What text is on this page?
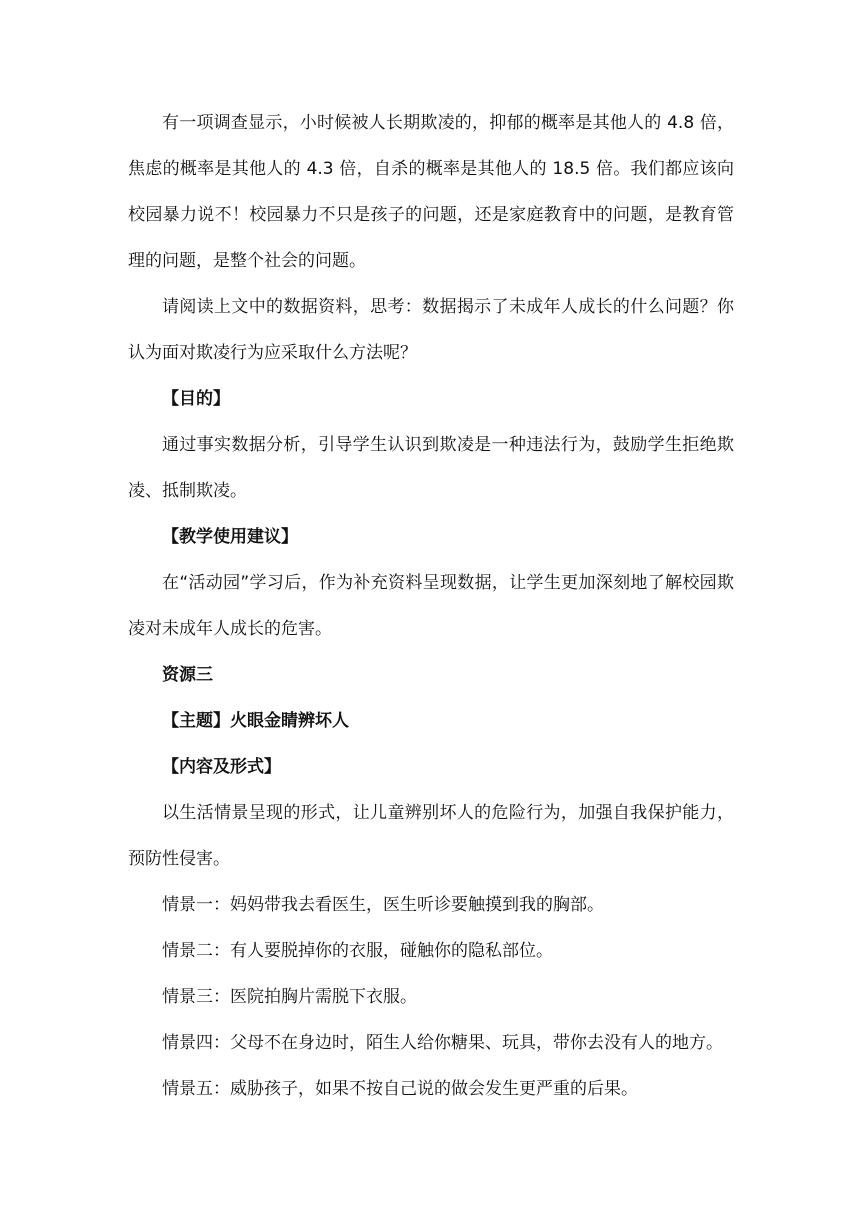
有一项调查显示，小时候被人长期欺凌的，抑郁的概率是其他人的 4.8 倍，焦虑的概率是其他人的 4.3 倍，自杀的概率是其他人的 18.5 倍。我们都应该向校园暴力说不！校园暴力不只是孩子的问题，还是家庭教育中的问题，是教育管理的问题，是整个社会的问题。

请阅读上文中的数据资料，思考：数据揭示了未成年人成长的什么问题？你认为面对欺凌行为应采取什么方法呢？

【目的】

通过事实数据分析，引导学生认识到欺凌是一种违法行为，鼓励学生拒绝欺凌、抵制欺凌。

【教学使用建议】

在“活动园”学习后，作为补充资料呈现数据，让学生更加深刻地了解校园欺凌对未成年人成长的危害。

资源三

【主题】火眼金睛辨坏人

【内容及形式】

以生活情景呈现的形式，让儿童辨别坏人的危险行为，加强自我保护能力，预防性侵害。

情景一：妈妈带我去看医生，医生听诊要触摸到我的胸部。

情景二：有人要脱掉你的衣服，碰触你的隐私部位。

情景三：医院拍胸片需脱下衣服。

情景四：父母不在身边时，陌生人给你糖果、玩具，带你去没有人的地方。

情景五：威胁孩子，如果不按自己说的做会发生更严重的后果。
